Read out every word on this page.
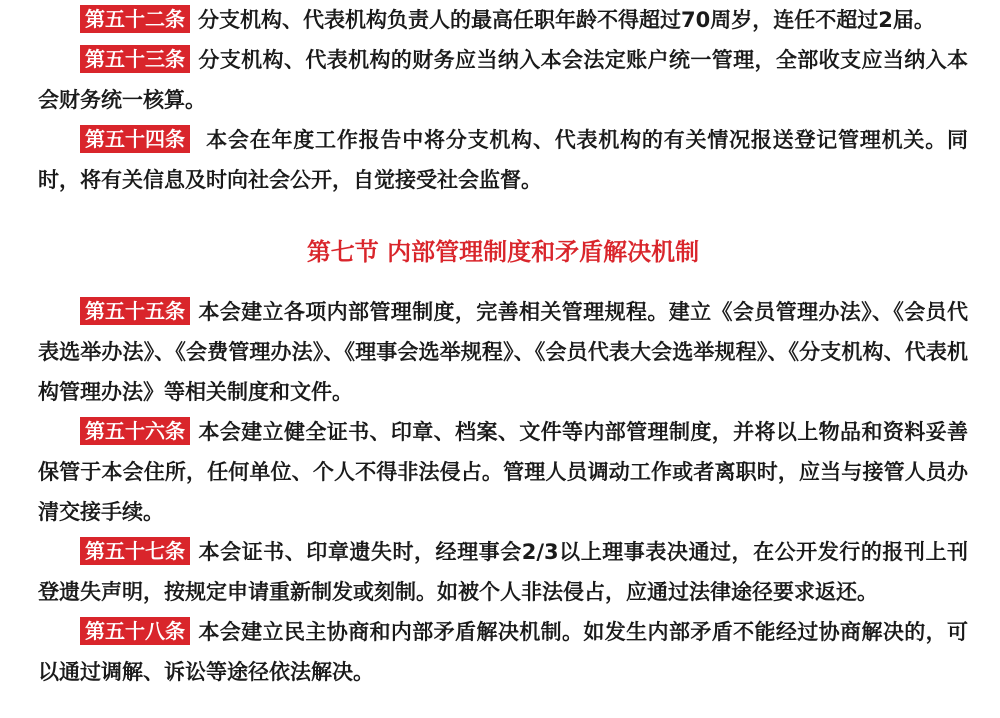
第五十二条 分支机构、代表机构负责人的最高任职年龄不得超过70周岁，连任不超过2届。

第五十三条 分支机构、代表机构的财务应当纳入本会法定账户统一管理，全部收支应当纳入本会财务统一核算。

第五十四条 本会在年度工作报告中将分支机构、代表机构的有关情况报送登记管理机关。同时，将有关信息及时向社会公开，自觉接受社会监督。

第七节 内部管理制度和矛盾解决机制

第五十五条 本会建立各项内部管理制度，完善相关管理规程。建立《会员管理办法》、《会员代表选举办法》、《会费管理办法》、《理事会选举规程》、《会员代表大会选举规程》、《分支机构、代表机构管理办法》等相关制度和文件。

第五十六条 本会建立健全证书、印章、档案、文件等内部管理制度，并将以上物品和资料妥善保管于本会住所，任何单位、个人不得非法侵占。管理人员调动工作或者离职时，应当与接管人员办清交接手续。

第五十七条 本会证书、印章遗失时，经理事会2/3以上理事表决通过，在公开发行的报刊上刊登遗失声明，按规定申请重新制发或刻制。如被个人非法侵占，应通过法律途径要求返还。

第五十八条 本会建立民主协商和内部矛盾解决机制。如发生内部矛盾不能经过协商解决的，可以通过调解、诉讼等途径依法解决。
